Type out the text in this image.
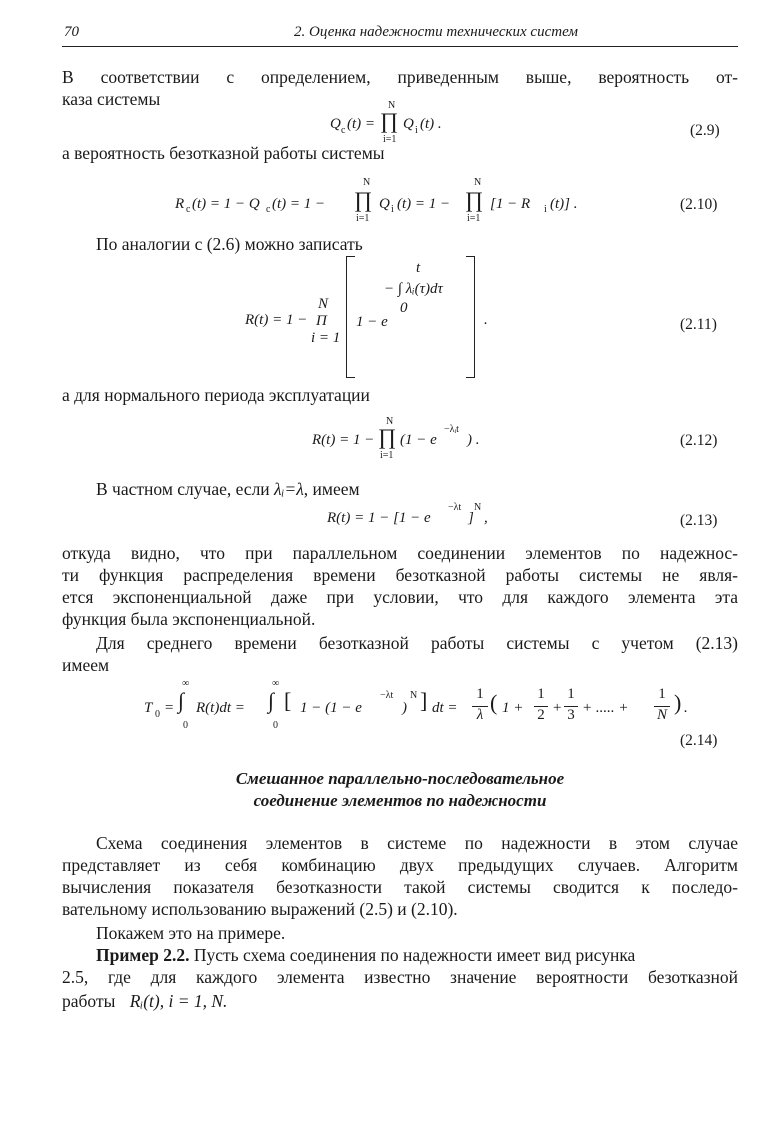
70	2. Оценка надежности технических систем
В соответствии с определением, приведенным выше, вероятность от-
каза системы
Q c (t) =
N
∏
i=1
Q i (t) .	(2.9)
а вероятность безотказной работы системы
R c (t) = 1 − Q c (t) = 1 −
N
∏
i=1
Q i (t) = 1 −
N
∏
i=1
[1 − R i (t)] .	(2.10)
По аналогии с (2.6) можно записать
R(t) = 1 −
N
Π
i = 1
1 − e
t
− ∫ λᵢ(τ)dτ
0
.	(2.11)
а для нормального периода эксплуатации
R(t) = 1 −
N
∏
i=1
(1 − e
−λᵢt
) .	(2.12)
В частном случае, если λᵢ=λ, имеем
R(t) = 1 − [1 − e
−λt
]
N
,	(2.13)
откуда видно, что при параллельном соединении элементов по надежнос-
ти функция распределения времени безотказной работы системы не явля-
ется экспоненциальной даже при условии, что для каждого элемента эта
функция была экспоненциальной.
Для среднего времени безотказной работы системы с учетом (2.13)
имеем
T 0 =
∞
∫
0
R(t)dt =
∞
∫
0
[ 1 − (1 − e
−λt
)
N ] dt =
1
λ ( 1 +
1
2 +
1
3 + ..... +
1
N ) .
(2.14)
Смешанное параллельно-последовательное
соединение элементов по надежности
Схема соединения элементов в системе по надежности в этом случае
представляет из себя комбинацию двух предыдущих случаев. Алгоритм
вычисления показателя безотказности такой системы сводится к последо-
вательному использованию выражений (2.5) и (2.10).
Покажем это на примере.
Пример 2.2. Пусть схема соединения по надежности имеет вид рисунка
2.5, где для каждого элемента известно значение вероятности безотказной
работы Rᵢ(t), i = 1, N.
